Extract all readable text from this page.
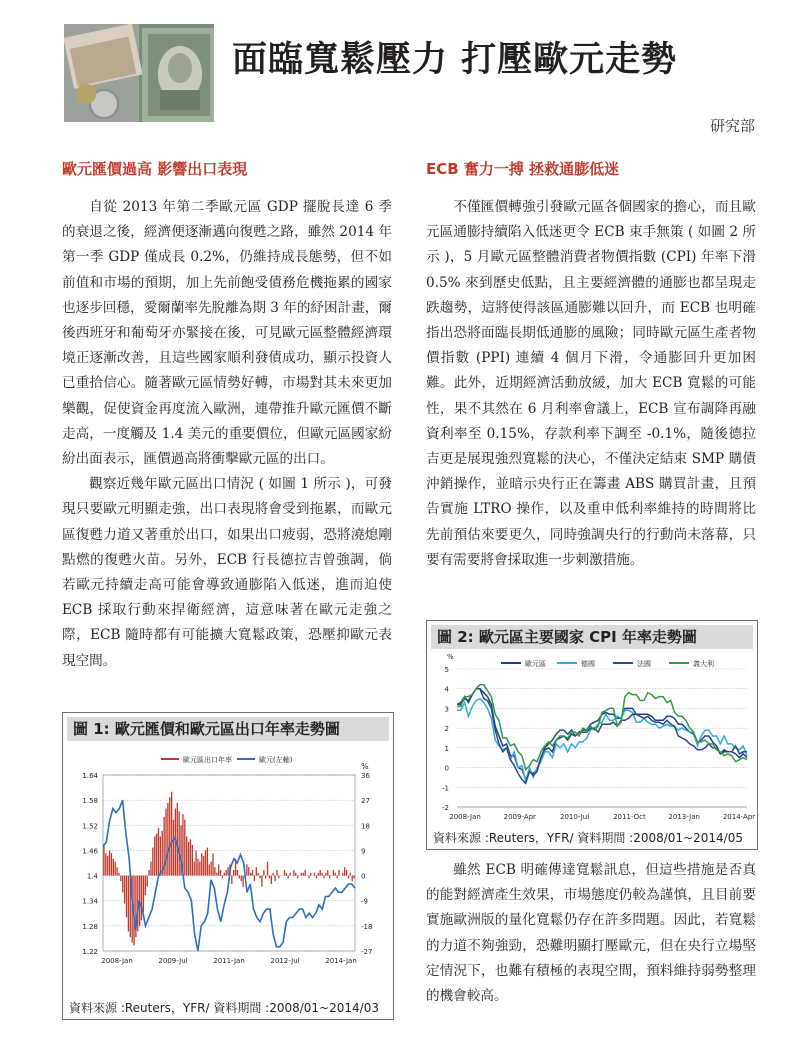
面臨寬鬆壓力 打壓歐元走勢
研究部
歐元匯價過高 影響出口表現

自從 2013 年第二季歐元區 GDP 擺脫長達 6 季的衰退之後，經濟便逐漸邁向復甦之路，雖然 2014 年第一季 GDP 僅成長 0.2%，仍維持成長態勢，但不如前值和市場的預期，加上先前飽受債務危機拖累的國家也逐步回穩，愛爾蘭率先脫離為期 3 年的紓困計畫，爾後西班牙和葡萄牙亦緊接在後，可見歐元區整體經濟環境正逐漸改善，且這些國家順利發債成功，顯示投資人已重拾信心。隨著歐元區情勢好轉，市場對其未來更加樂觀，促使資金再度流入歐洲，連帶推升歐元匯價不斷走高，一度觸及 1.4 美元的重要價位，但歐元區國家紛紛出面表示，匯價過高將衝擊歐元區的出口。

觀察近幾年歐元區出口情況 ( 如圖 1 所示 )，可發現只要歐元明顯走強，出口表現將會受到拖累，而歐元區復甦力道又著重於出口，如果出口疲弱，恐將澆熄剛點燃的復甦火苗。另外，ECB 行長德拉吉曾強調，倘若歐元持續走高可能會導致通膨陷入低迷，進而迫使 ECB 採取行動來捍衛經濟，這意味著在歐元走強之際，ECB 隨時都有可能擴大寬鬆政策，恐壓抑歐元表現空間。

ECB 奮力一搏 拯救通膨低迷

不僅匯價轉強引發歐元區各個國家的擔心，而且歐元區通膨持續陷入低迷更令 ECB 束手無策 ( 如圖 2 所示 )，5 月歐元區整體消費者物價指數 (CPI) 年率下滑 0.5% 來到歷史低點，且主要經濟體的通膨也都呈現走跌趨勢，這將使得該區通膨難以回升，而 ECB 也明確指出恐將面臨長期低通膨的風險；同時歐元區生產者物價指數 (PPI) 連續 4 個月下滑，令通膨回升更加困難。此外，近期經濟活動放緩，加大 ECB 寬鬆的可能性，果不其然在 6 月利率會議上，ECB 宣布調降再融資利率至 0.15%，存款利率下調至 -0.1%，隨後德拉吉更是展現強烈寬鬆的決心，不僅決定結束 SMP 購債沖銷操作，並暗示央行正在籌畫 ABS 購買計畫，且預告實施 LTRO 操作，以及重申低利率維持的時間將比先前預估來要更久，同時強調央行的行動尚未落幕，只要有需要將會採取進一步刺激措施。

雖然 ECB 明確傳達寬鬆訊息，但這些措施是否真的能對經濟產生效果，市場態度仍較為謹慎，且目前要實施歐洲版的量化寬鬆仍存在許多問題。因此，若寬鬆的力道不夠強勁，恐難明顯打壓歐元，但在央行立場堅定情況下，也難有積極的表現空間，預料維持弱勢整理的機會較高。

圖 1: 歐元匯價和歐元區出口年率走勢圖
歐元區出口年率	歐元(左軸)
%
1.64	36
1.58	27
1.52	18
1.46	9
1.4	0
1.34	-9
1.28	-18
1.22	-27
2008-Jan	2009-Jul	2011-Jan	2012-Jul	2014-Jan
資料來源 :Reuters，YFR/ 資料期間 :2008/01~2014/03
圖 2: 歐元區主要國家 CPI 年率走勢圖
%
歐元區	德國	法國	義大利
5
4
3
2
1
0
-1
-2
2008-Jan	2009-Apr	2010-Jul	2011-Oct	2013-Jan	2014-Apr
資料來源 :Reuters，YFR/ 資料期間 :2008/01~2014/05
